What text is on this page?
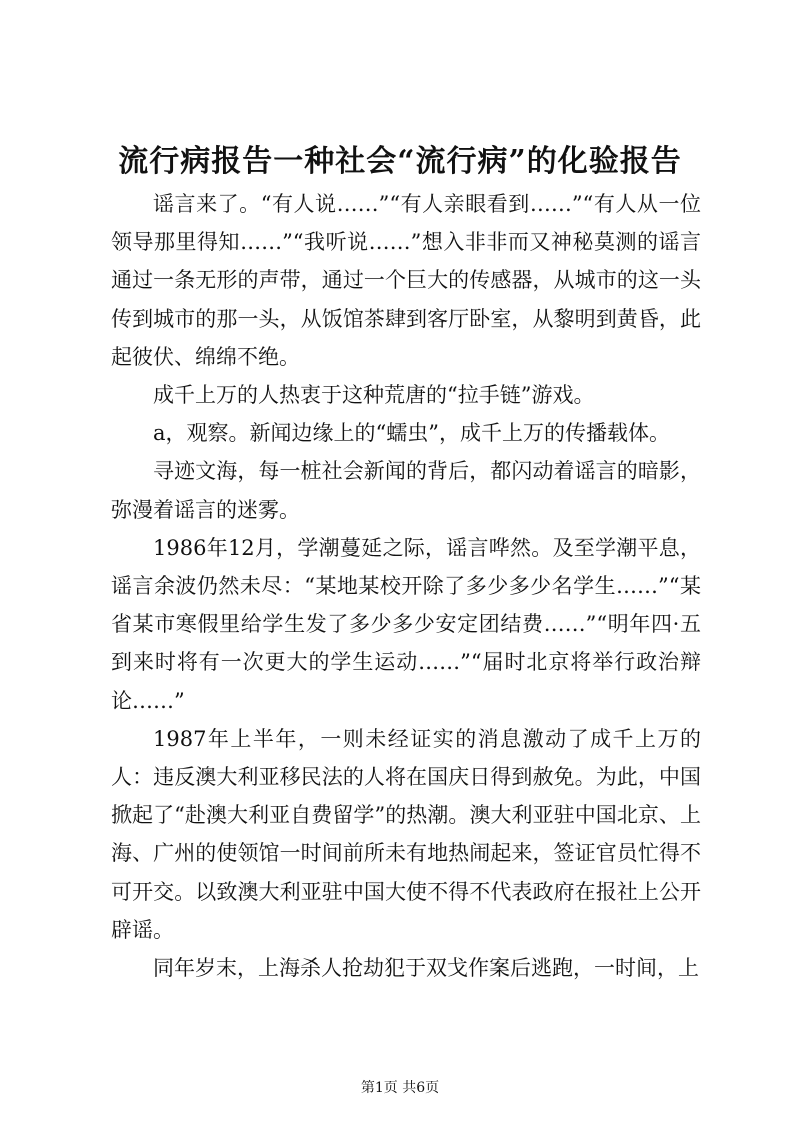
流行病报告一种社会“流行病”的化验报告

谣言来了。“有人说……”“有人亲眼看到……”“有人从一位领导那里得知……”“我听说……”想入非非而又神秘莫测的谣言通过一条无形的声带，通过一个巨大的传感器，从城市的这一头传到城市的那一头，从饭馆茶肆到客厅卧室，从黎明到黄昏，此起彼伏、绵绵不绝。

成千上万的人热衷于这种荒唐的“拉手链”游戏。

a，观察。新闻边缘上的“蠕虫”，成千上万的传播载体。

寻迹文海，每一桩社会新闻的背后，都闪动着谣言的暗影，弥漫着谣言的迷雾。

1986年12月，学潮蔓延之际，谣言哗然。及至学潮平息，谣言余波仍然未尽：“某地某校开除了多少多少名学生……”“某省某市寒假里给学生发了多少多少安定团结费……”“明年四·五到来时将有一次更大的学生运动……”“届时北京将举行政治辩论……”

1987年上半年，一则未经证实的消息激动了成千上万的人：违反澳大利亚移民法的人将在国庆日得到赦免。为此，中国掀起了“赴澳大利亚自费留学”的热潮。澳大利亚驻中国北京、上海、广州的使领馆一时间前所未有地热闹起来，签证官员忙得不可开交。以致澳大利亚驻中国大使不得不代表政府在报社上公开辟谣。

同年岁末，上海杀人抢劫犯于双戈作案后逃跑，一时间，上

第1页 共6页
